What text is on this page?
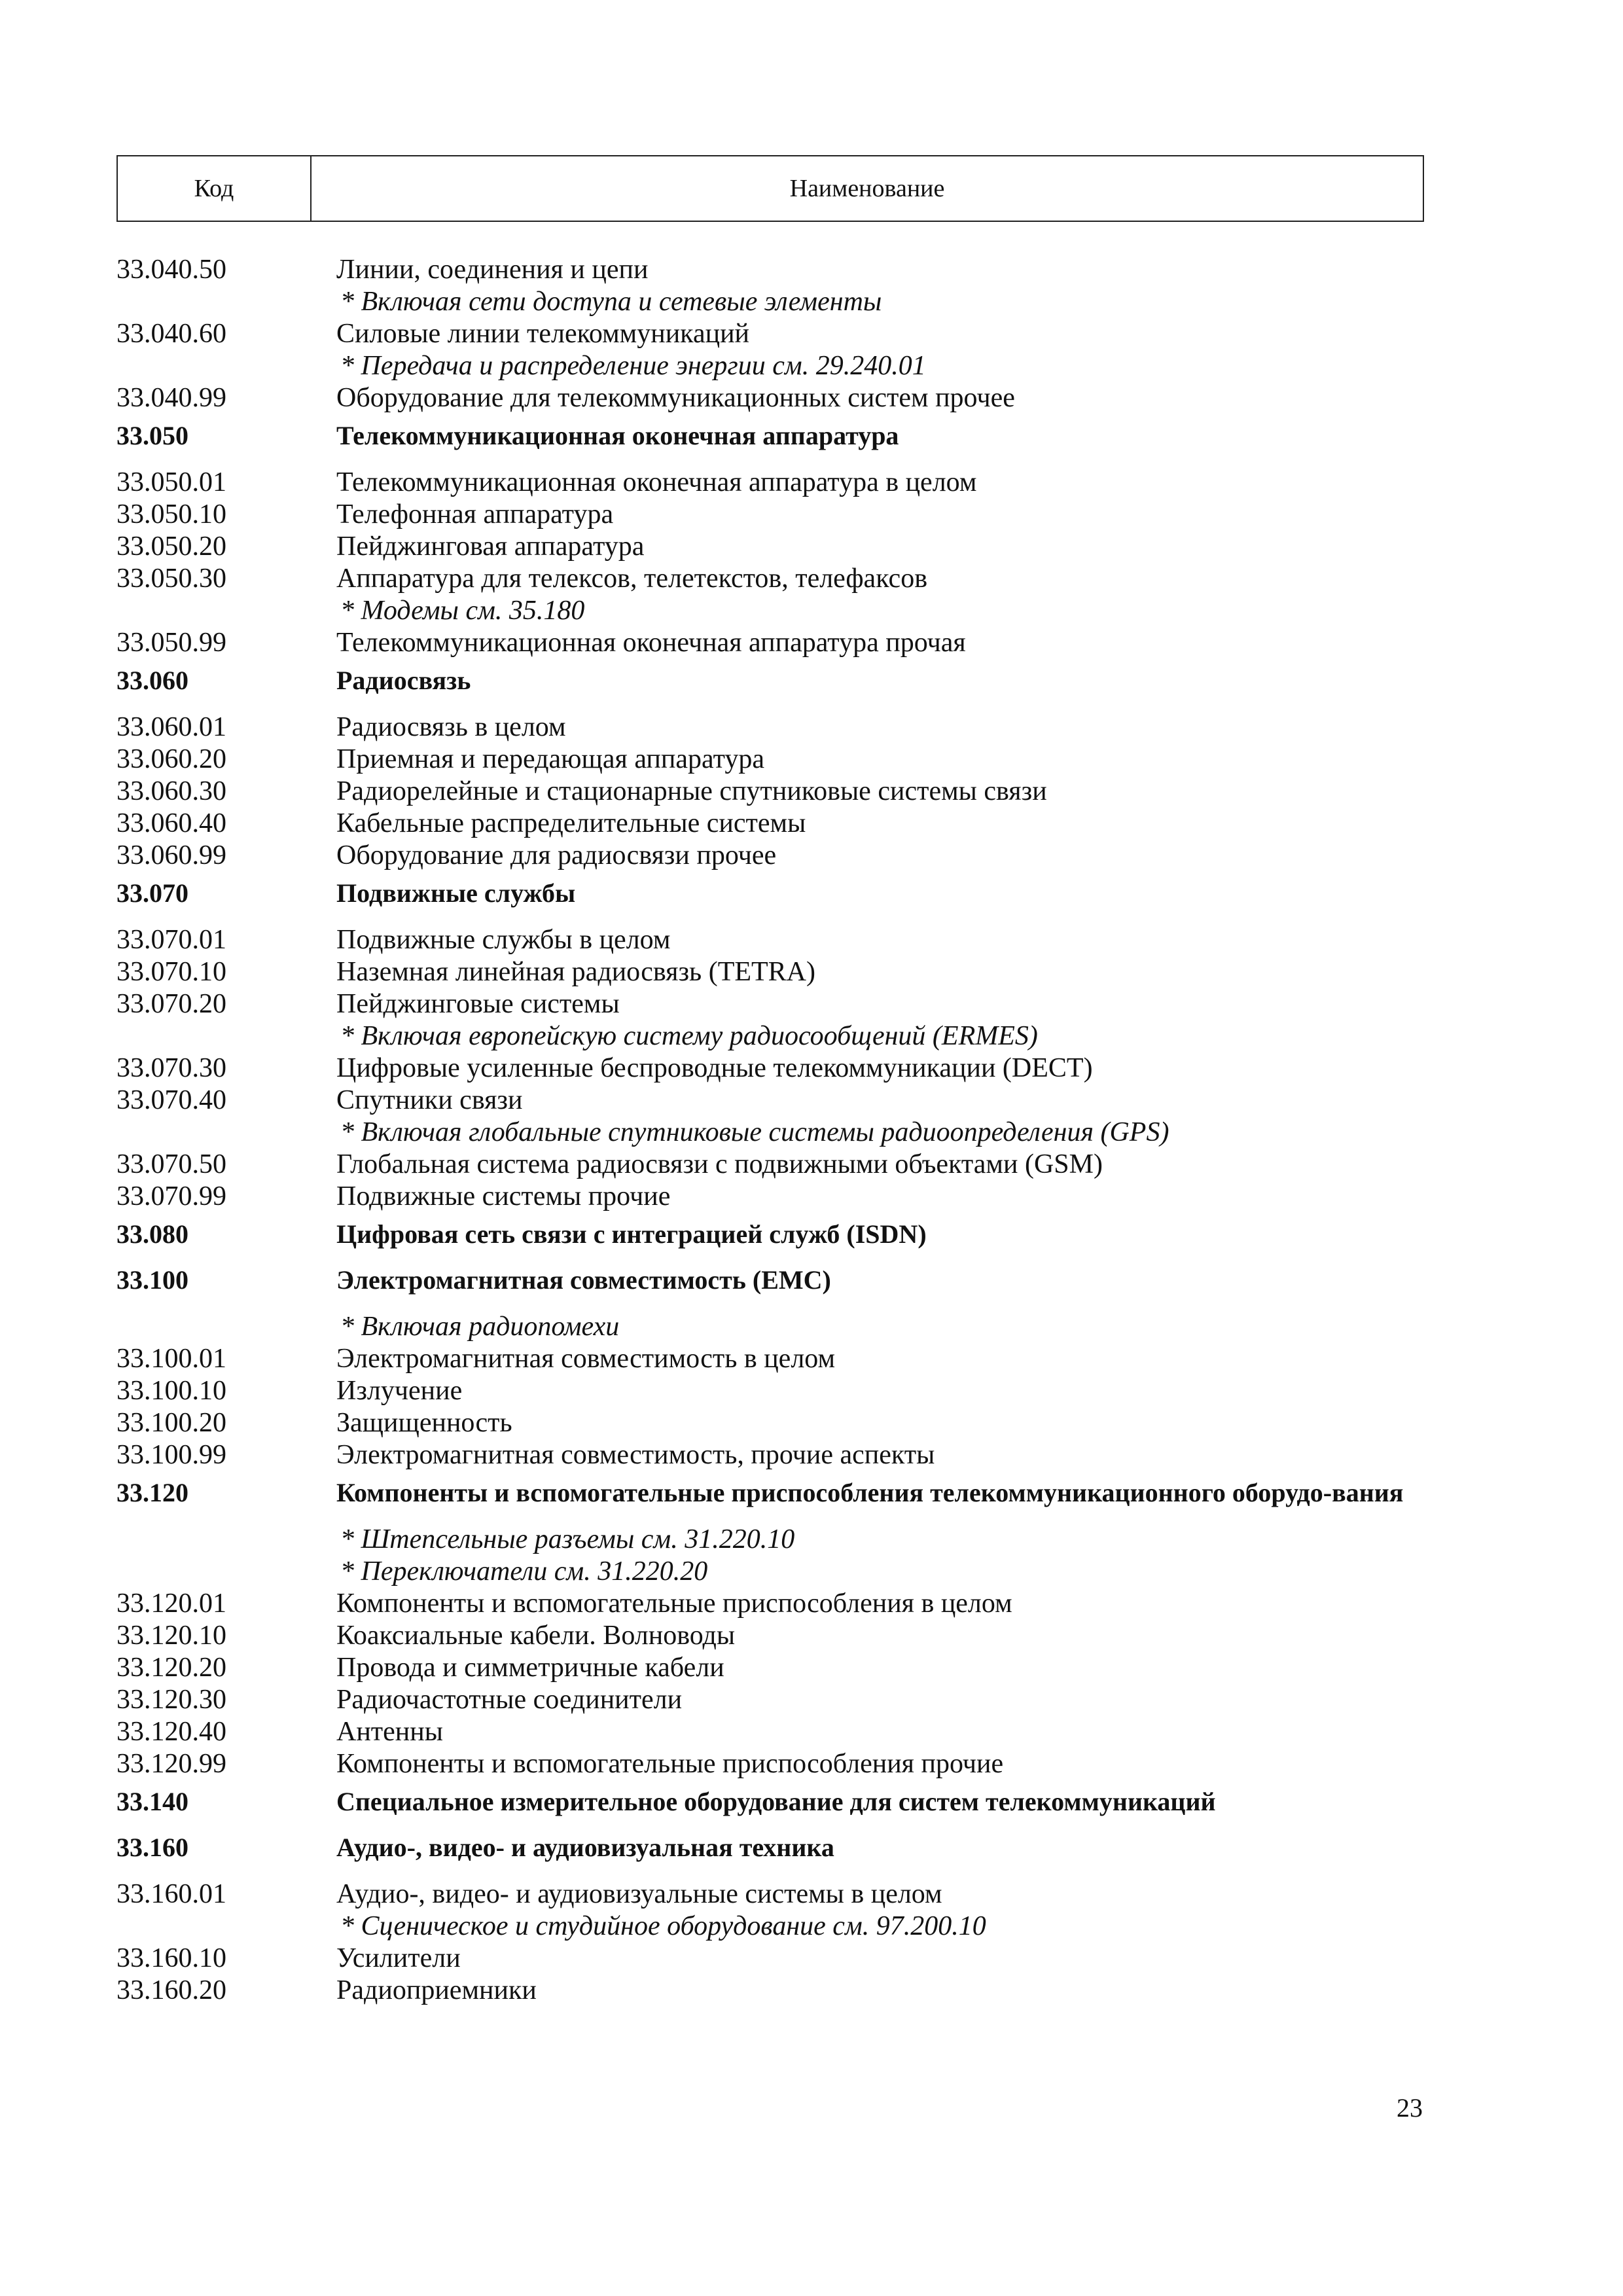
Код	Наименование
33.040.50	Линии, соединения и цепи
* Включая сети доступа и сетевые элементы
33.040.60	Силовые линии телекоммуникаций
* Передача и распределение энергии см. 29.240.01
33.040.99	Оборудование для телекоммуникационных систем прочее
33.050	Телекоммуникационная оконечная аппаратура
33.050.01	Телекоммуникационная оконечная аппаратура в целом
33.050.10	Телефонная аппаратура
33.050.20	Пейджинговая аппаратура
33.050.30	Аппаратура для телексов, телетекстов, телефаксов
* Модемы см. 35.180
33.050.99	Телекоммуникационная оконечная аппаратура прочая
33.060	Радиосвязь
33.060.01	Радиосвязь в целом
33.060.20	Приемная и передающая аппаратура
33.060.30	Радиорелейные и стационарные спутниковые системы связи
33.060.40	Кабельные распределительные системы
33.060.99	Оборудование для радиосвязи прочее
33.070	Подвижные службы
33.070.01	Подвижные службы в целом
33.070.10	Наземная линейная радиосвязь (TETRA)
33.070.20	Пейджинговые системы
* Включая европейскую систему радиосообщений (ERMES)
33.070.30	Цифровые усиленные беспроводные телекоммуникации (DECT)
33.070.40	Спутники связи
* Включая глобальные спутниковые системы радиоопределения (GPS)
33.070.50	Глобальная система радиосвязи с подвижными объектами (GSM)
33.070.99	Подвижные системы прочие
33.080	Цифровая сеть связи с интеграцией служб (ISDN)
33.100	Электромагнитная совместимость (EMC)
* Включая радиопомехи
33.100.01	Электромагнитная совместимость в целом
33.100.10	Излучение
33.100.20	Защищенность
33.100.99	Электромагнитная совместимость, прочие аспекты
33.120	Компоненты и вспомогательные приспособления телекоммуникационного оборудо-вания
* Штепсельные разъемы см. 31.220.10
* Переключатели см. 31.220.20
33.120.01	Компоненты и вспомогательные приспособления в целом
33.120.10	Коаксиальные кабели. Волноводы
33.120.20	Провода и симметричные кабели
33.120.30	Радиочастотные соединители
33.120.40	Антенны
33.120.99	Компоненты и вспомогательные приспособления прочие
33.140	Специальное измерительное оборудование для систем телекоммуникаций
33.160	Аудио-, видео- и аудиовизуальная техника
33.160.01	Аудио-, видео- и аудиовизуальные системы в целом
* Сценическое и студийное оборудование см. 97.200.10
33.160.10	Усилители
33.160.20	Радиоприемники
23
